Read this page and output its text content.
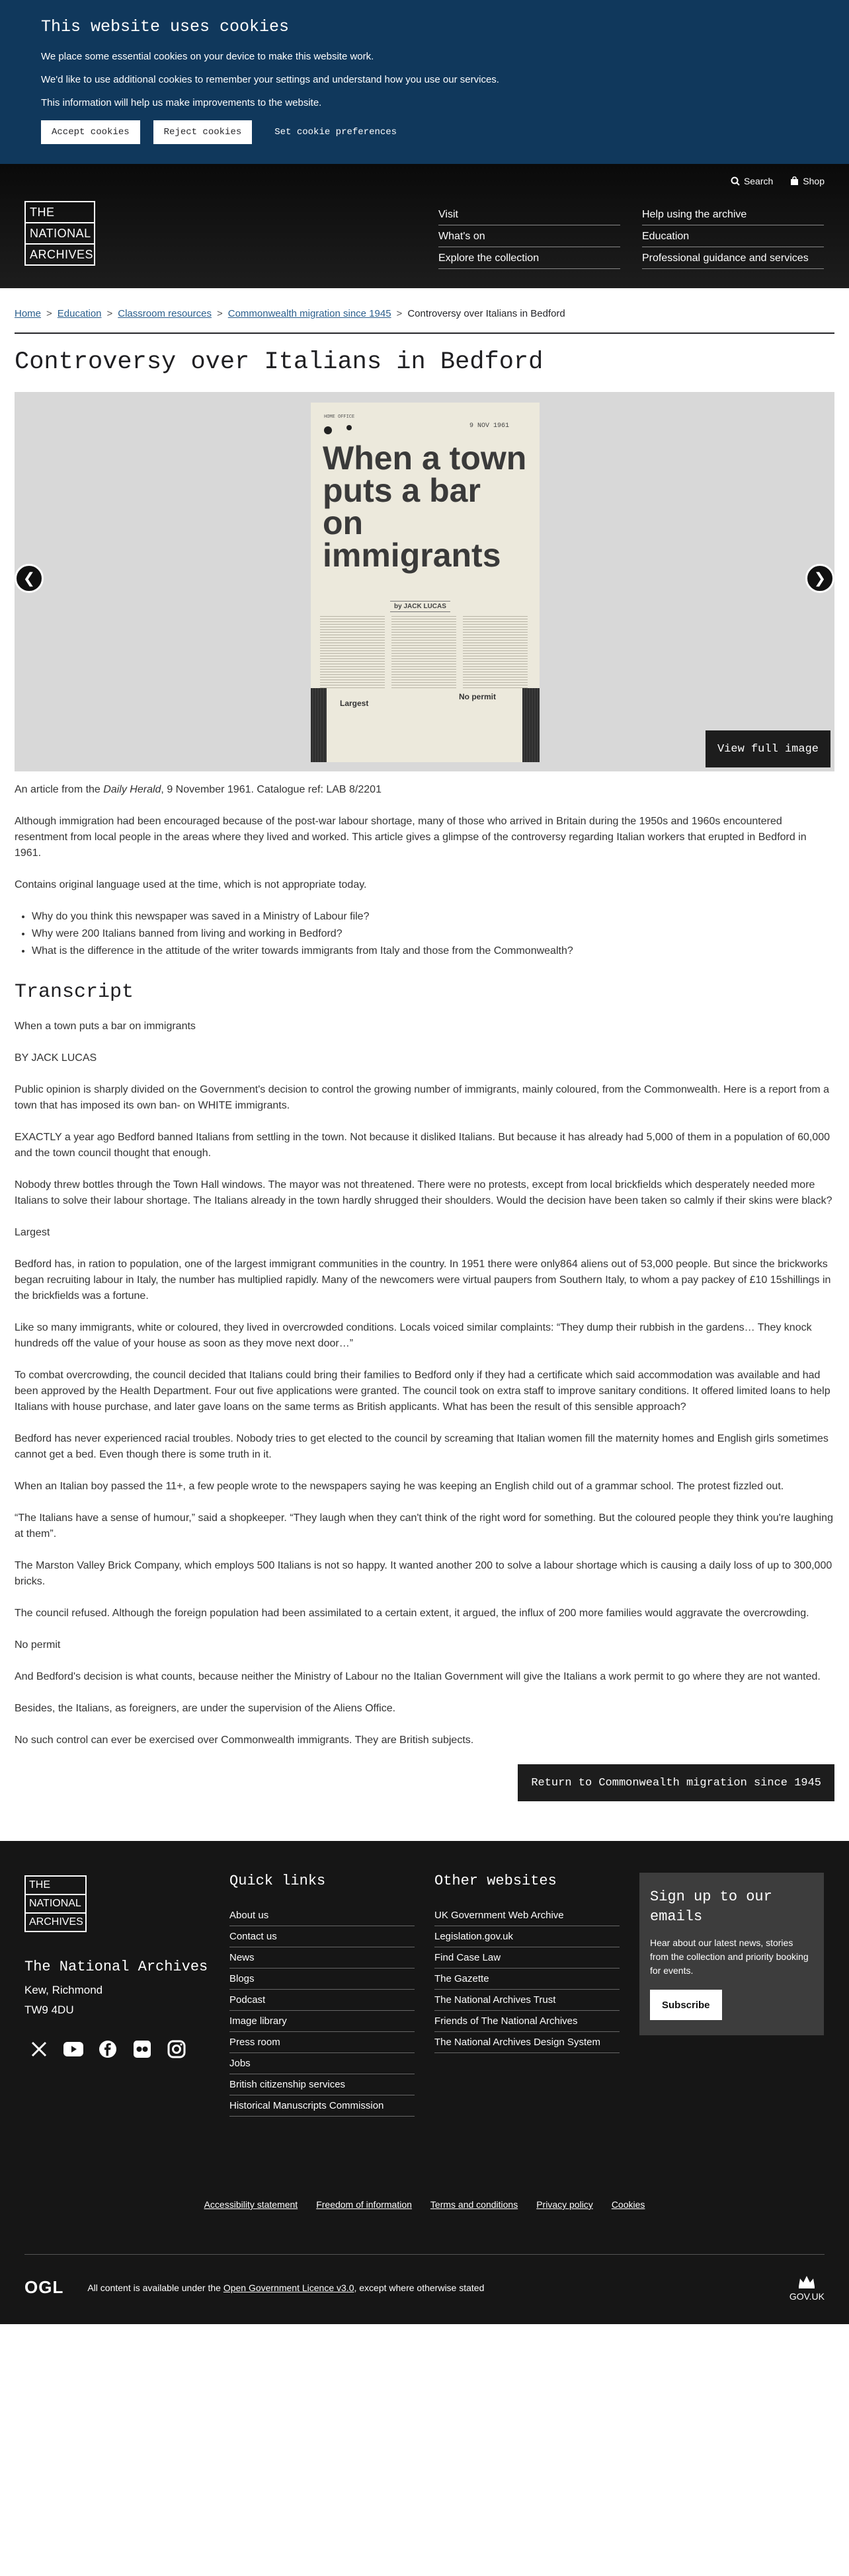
This website uses cookies

We place some essential cookies on your device to make this website work.

We'd like to use additional cookies to remember your settings and understand how you use our services.

This information will help us make improvements to the website.

Accept cookies	Reject cookies	Set cookie preferences
Search	Shop
THE
NATIONAL
ARCHIVES
Visit
What's on
Explore the collection
Help using the archive
Education
Professional guidance and services
Home > Education > Classroom resources > Commonwealth migration since 1945 > Controversy over Italians in Bedford
Controversy over Italians in Bedford
HOME OFFICE
9 NOV 1961
When a town puts a bar on immigrants
by JACK LUCAS
Largest
No permit
❮	❯
View full image

An article from the Daily Herald, 9 November 1961. Catalogue ref: LAB 8/2201

Although immigration had been encouraged because of the post-war labour shortage, many of those who arrived in Britain during the 1950s and 1960s encountered resentment from local people in the areas where they lived and worked. This article gives a glimpse of the controversy regarding Italian workers that erupted in Bedford in 1961.

Contains original language used at the time, which is not appropriate today.

• Why do you think this newspaper was saved in a Ministry of Labour file?
• Why were 200 Italians banned from living and working in Bedford?
• What is the difference in the attitude of the writer towards immigrants from Italy and those from the Commonwealth?
Transcript

When a town puts a bar on immigrants

BY JACK LUCAS

Public opinion is sharply divided on the Government's decision to control the growing number of immigrants, mainly coloured, from the Commonwealth. Here is a report from a town that has imposed its own ban- on WHITE immigrants.

EXACTLY a year ago Bedford banned Italians from settling in the town. Not because it disliked Italians. But because it has already had 5,000 of them in a population of 60,000 and the town council thought that enough.

Nobody threw bottles through the Town Hall windows. The mayor was not threatened. There were no protests, except from local brickfields which desperately needed more Italians to solve their labour shortage. The Italians already in the town hardly shrugged their shoulders. Would the decision have been taken so calmly if their skins were black?

Largest

Bedford has, in ration to population, one of the largest immigrant communities in the country. In 1951 there were only864 aliens out of 53,000 people. But since the brickworks began recruiting labour in Italy, the number has multiplied rapidly. Many of the newcomers were virtual paupers from Southern Italy, to whom a pay packey of £10 15shillings in the brickfields was a fortune.

Like so many immigrants, white or coloured, they lived in overcrowded conditions. Locals voiced similar complaints: “They dump their rubbish in the gardens… They knock hundreds off the value of your house as soon as they move next door…”

To combat overcrowding, the council decided that Italians could bring their families to Bedford only if they had a certificate which said accommodation was available and had been approved by the Health Department. Four out five applications were granted. The council took on extra staff to improve sanitary conditions. It offered limited loans to help Italians with house purchase, and later gave loans on the same terms as British applicants. What has been the result of this sensible approach?

Bedford has never experienced racial troubles. Nobody tries to get elected to the council by screaming that Italian women fill the maternity homes and English girls sometimes cannot get a bed. Even though there is some truth in it.

When an Italian boy passed the 11+, a few people wrote to the newspapers saying he was keeping an English child out of a grammar school. The protest fizzled out.

“The Italians have a sense of humour,” said a shopkeeper. “They laugh when they can't think of the right word for something. But the coloured people they think you're laughing at them”.

The Marston Valley Brick Company, which employs 500 Italians is not so happy. It wanted another 200 to solve a labour shortage which is causing a daily loss of up to 300,000 bricks.

The council refused. Although the foreign population had been assimilated to a certain extent, it argued, the influx of 200 more families would aggravate the overcrowding.

No permit

And Bedford's decision is what counts, because neither the Ministry of Labour no the Italian Government will give the Italians a work permit to go where they are not wanted.

Besides, the Italians, as foreigners, are under the supervision of the Aliens Office.

No such control can ever be exercised over Commonwealth immigrants. They are British subjects.

Return to Commonwealth migration since 1945
THE
NATIONAL
ARCHIVES
The National Archives
Kew, Richmond
TW9 4DU
Quick links
About us
Contact us
News
Blogs
Podcast
Image library
Press room
Jobs
British citizenship services
Historical Manuscripts Commission
Other websites
UK Government Web Archive
Legislation.gov.uk
Find Case Law
The Gazette
The National Archives Trust
Friends of The National Archives
The National Archives Design System
Sign up to our emails

Hear about our latest news, stories from the collection and priority booking for events.

Subscribe
Accessibility statement Freedom of information Terms and conditions Privacy policy Cookies
OGL	All content is available under the Open Government Licence v3.0, except where otherwise stated
GOV.UK
